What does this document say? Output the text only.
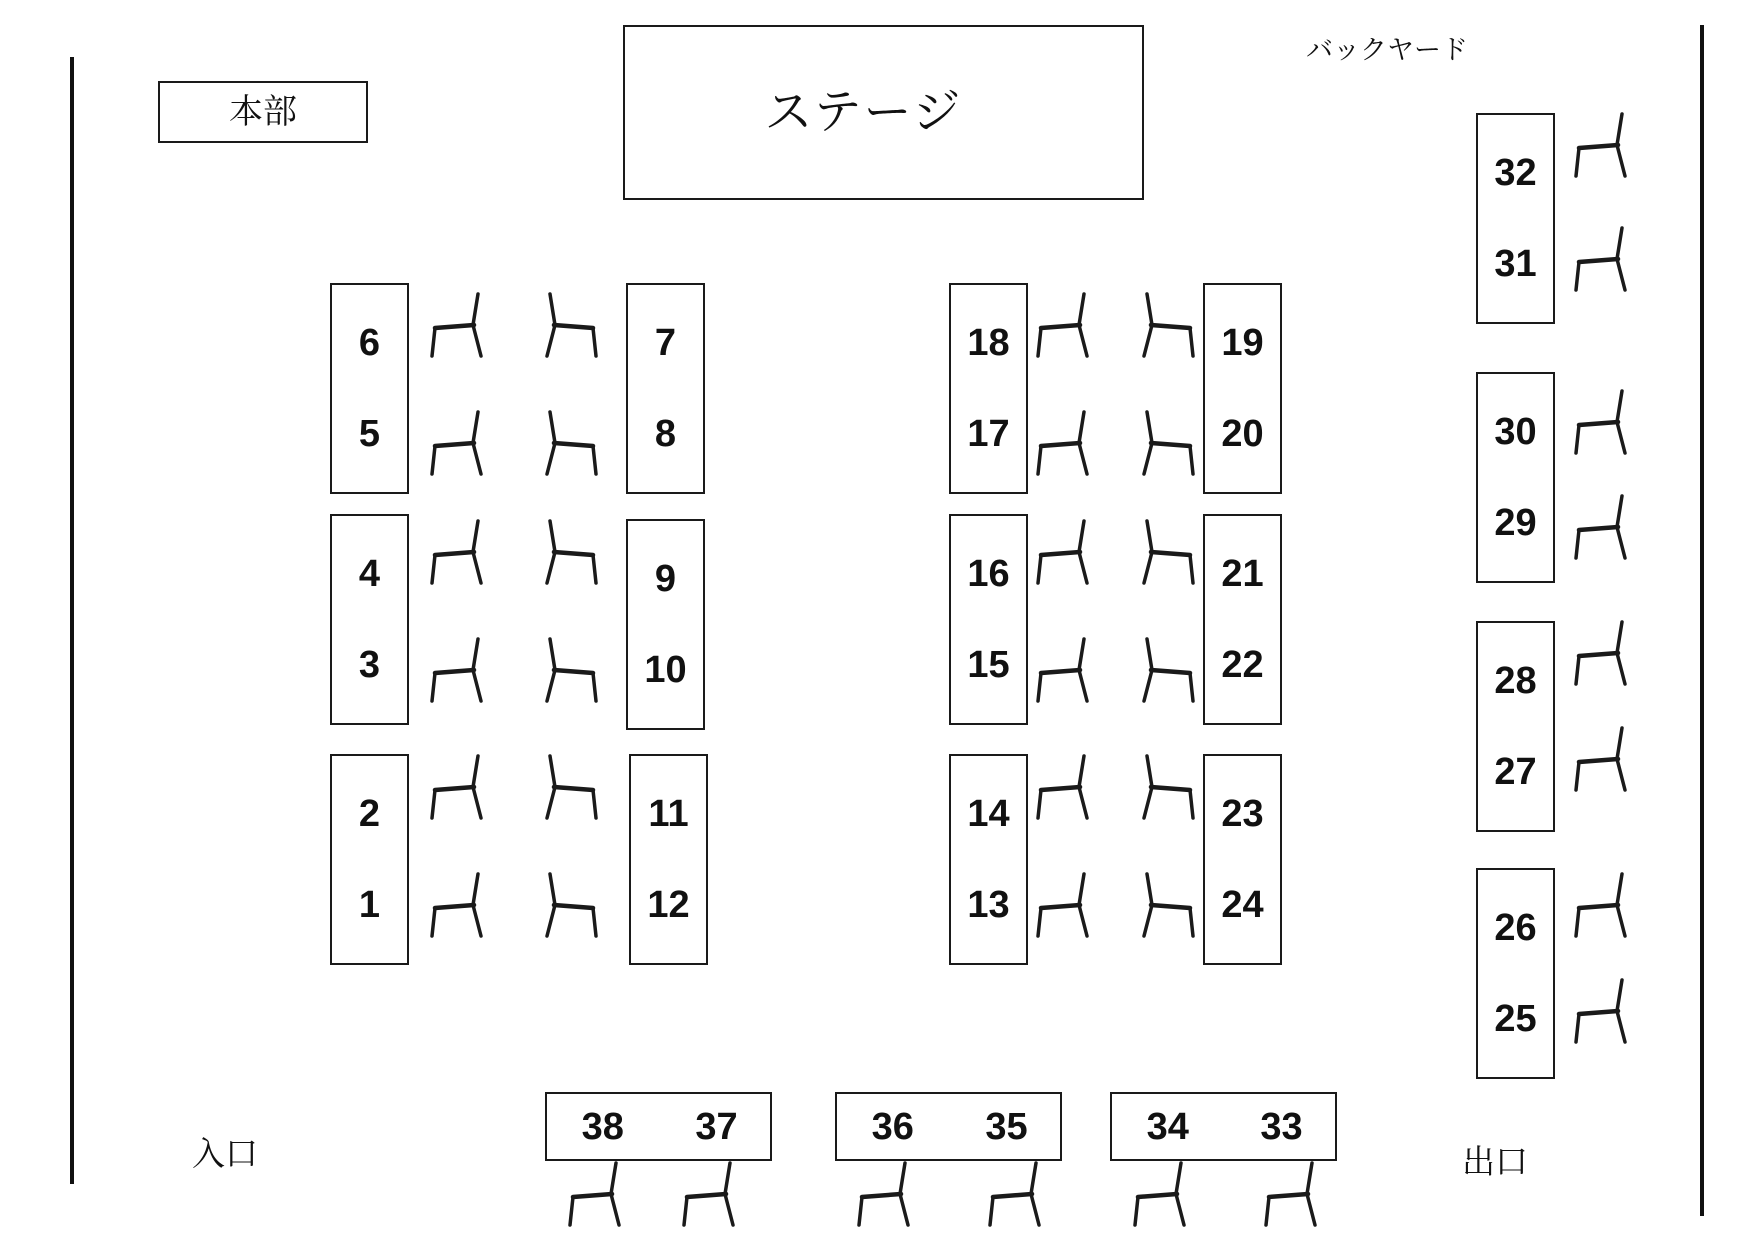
本部	ステージ
バックヤード
入口	出口
6
5
4
3
2
1
7
8
9
10
11
12
18
17
16
15
14
13
19
20
21
22
23
24
32
31
30
29
28
27
26
25
38 37	36 35	34 33
